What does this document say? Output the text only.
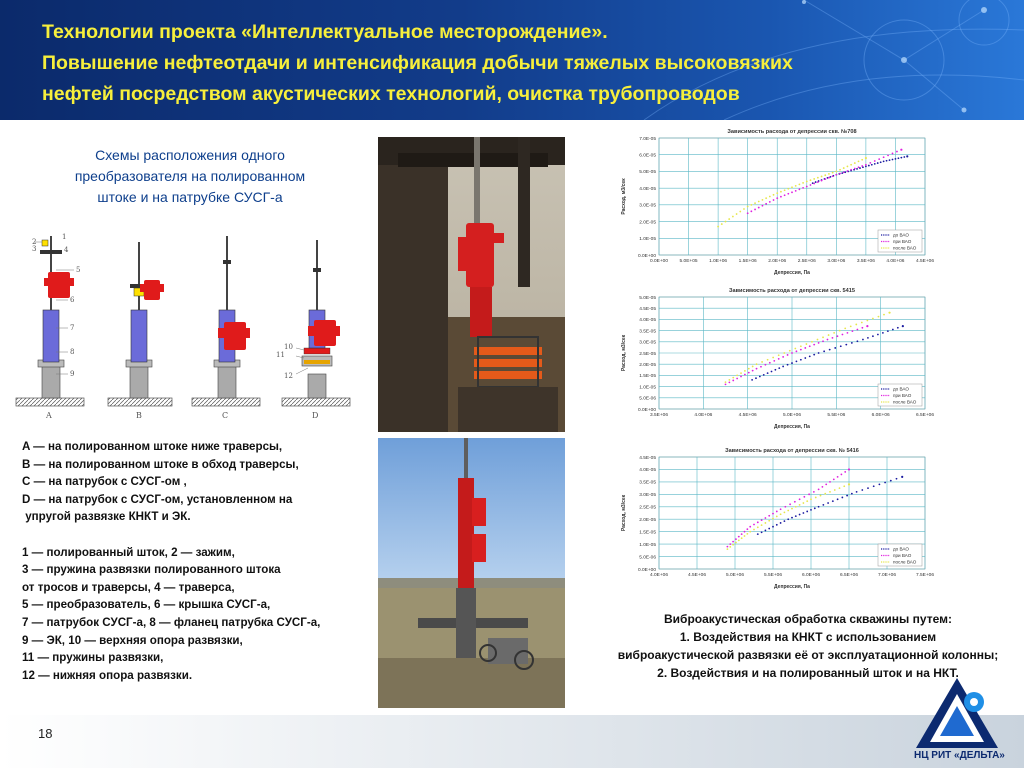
Технологии проекта «Интеллектуальное месторождение».
Повышение нефтеотдачи и интенсификация добычи тяжелых высоковязких
нефтей посредством акустических технологий, очистка трубопроводов
Схемы расположения одного
преобразователя на полированном
штоке и на патрубке СУСГ-а
2
3
1
4
5
6
7
8
9
A	B	C
10
11
12
D
A — на полированном штоке ниже траверсы,
B — на полированном штоке в обход траверсы,
C — на патрубок с СУСГ-ом ,
D — на патрубок с СУСГ-ом, установленном на
упругой развязке КНКТ и ЭК.
1 — полированный шток, 2 — зажим,
3 — пружина развязки полированного штока
от тросов и траверсы, 4 — траверса,
5 — преобразователь, 6 — крышка СУСГ-а,
7 — патрубок СУСГ-а, 8 — фланец патрубка СУСГ-а,
9 — ЭК, 10 — верхняя опора развязки,
11 — пружины развязки,
12 — нижняя опора развязки.
Зависимость расхода от депрессии скв. №708
0.0E+00 5.0E+05 1.0E+06 1.5E+06 2.0E+06 2.5E+06 3.0E+06 3.5E+06 4.0E+06 4.5E+06
0.0E+00
1.0E-05
2.0E-05
3.0E-05
4.0E-05
5.0E-05
6.0E-05
7.0E-05
Депрессия, Па
Расход, м3/сек
до ВАО
при ВАО
после ВАО
Зависимость расхода от депрессии скв. 5415
3.5E+06	4.0E+06	4.5E+06	5.0E+06	5.5E+06	6.0E+06	6.5E+06
0.0E+00
5.0E-06
1.0E-05
1.5E-05
2.0E-05
2.5E-05
3.0E-05
3.5E-05
4.0E-05
4.5E-05
5.0E-05
Депрессия, Па
Расход, м3/сек
до ВАО
при ВАО
после ВАО
Зависимость расхода от депрессии скв. № 5416
4.0E+06	4.5E+06	5.0E+06	5.5E+06	6.0E+06	6.5E+06	7.0E+06	7.5E+06
0.0E+00
5.0E-06
1.0E-05
1.5E-05
2.0E-05
2.5E-05
3.0E-05
3.5E-05
4.0E-05
4.5E-05
Депрессия, Па
Расход, м3/сек
до ВАО
при ВАО
после ВАО
Виброакустическая обработка скважины путем:
1. Воздействия на КНКТ с использованием
виброакустической развязки её от эксплуатационной колонны;
2. Воздействия и на полированный шток и на НКТ.
18
НЦ РИТ «ДЕЛЬТА»
